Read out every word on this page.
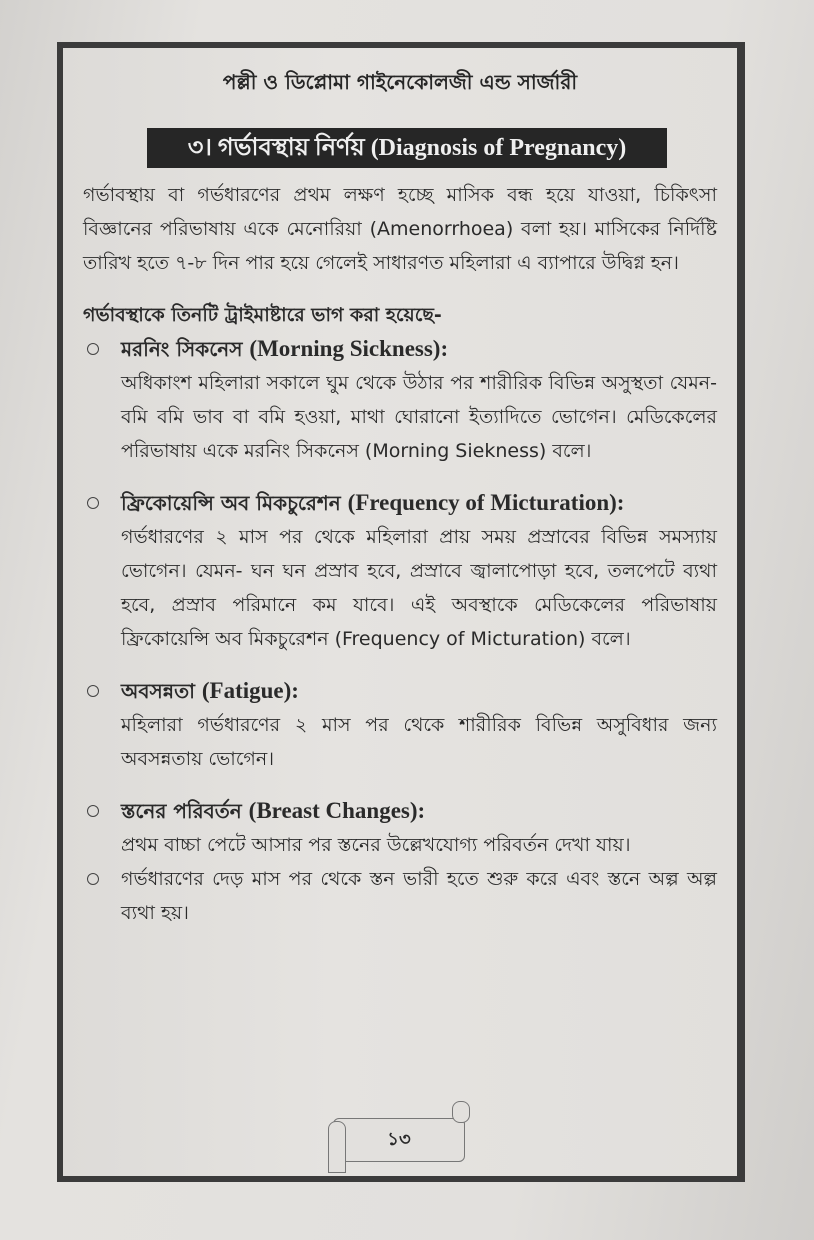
পল্লী ও ডিপ্লোমা গাইনেকোলজী এন্ড সার্জারী
৩। গর্ভাবস্থায় নির্ণয় (Diagnosis of Pregnancy)

গর্ভাবস্থায় বা গর্ভধারণের প্রথম লক্ষণ হচ্ছে মাসিক বন্ধ হয়ে যাওয়া, চিকিৎসা বিজ্ঞানের পরিভাষায় একে মেনোরিয়া (Amenorrhoea) বলা হয়। মাসিকের নির্দিষ্টি তারিখ হতে ৭-৮ দিন পার হয়ে গেলেই সাধারণত মহিলারা এ ব্যাপারে উদ্বিগ্ন হন।

গর্ভাবস্থাকে তিনটি ট্রাইমাষ্টারে ভাগ করা হয়েছে-
মরনিং সিকনেস (Morning Sickness):
অধিকাংশ মহিলারা সকালে ঘুম থেকে উঠার পর শারীরিক বিভিন্ন অসুস্থতা যেমন- বমি বমি ভাব বা বমি হওয়া, মাথা ঘোরানো ইত্যাদিতে ভোগেন। মেডিকেলের পরিভাষায় একে মরনিং সিকনেস (Morning Siekness) বলে।
ফ্রিকোয়েন্সি অব মিকচুরেশন (Frequency of Micturation):
গর্ভধারণের ২ মাস পর থেকে মহিলারা প্রায় সময় প্রস্রাবের বিভিন্ন সমস্যায় ভোগেন। যেমন- ঘন ঘন প্রস্রাব হবে, প্রস্রাবে জ্বালাপোড়া হবে, তলপেটে ব্যথা হবে, প্রস্রাব পরিমানে কম যাবে। এই অবস্থাকে মেডিকেলের পরিভাষায় ফ্রিকোয়েন্সি অব মিকচুরেশন (Frequency of Micturation) বলে।
অবসন্নতা (Fatigue):
মহিলারা গর্ভধারণের ২ মাস পর থেকে শারীরিক বিভিন্ন অসুবিধার জন্য অবসন্নতায় ভোগেন।
স্তনের পরিবর্তন (Breast Changes):
প্রথম বাচ্চা পেটে আসার পর স্তনের উল্লেখযোগ্য পরিবর্তন দেখা যায়।
গর্ভধারণের দেড় মাস পর থেকে স্তন ভারী হতে শুরু করে এবং স্তনে অল্প অল্প ব্যথা হয়।
১৩
